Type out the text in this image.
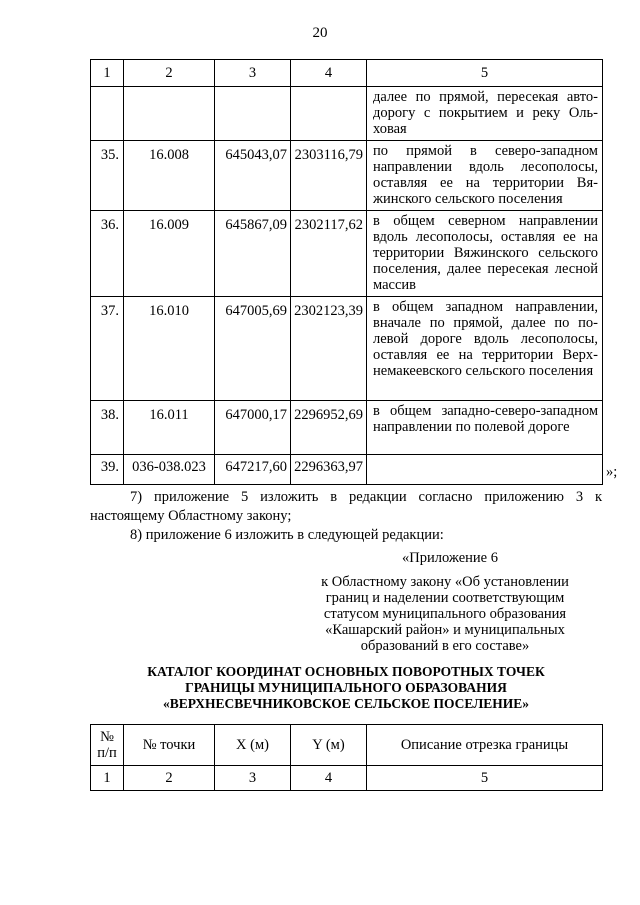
20
1	2	3	4	5
				далее по прямой, пересекая автодорогу с покрытием и реку Ольховая
35.	16.008	645043,07	2303116,79	по прямой в северо-западном направлении вдоль лесополосы, оставляя ее на территории Вяжинского сельского поселения
36.	16.009	645867,09	2302117,62	в общем северном направлении вдоль лесополосы, оставляя ее на территории Вяжинского сельского поселения, далее пересекая лесной массив
37.	16.010	647005,69	2302123,39	в общем западном направлении, вначале по прямой, далее по полевой дороге вдоль лесополосы, оставляя ее на территории Верхнемакеевского сельского поселения
38.	16.011	647000,17	2296952,69	в общем западно-северо-западном направлении по полевой дороге
39.	036-038.023	647217,60	2296363,97		»;
7) приложение 5 изложить в редакции согласно приложению 3 к настоящему Областному закону;
8) приложение 6 изложить в следующей редакции:
«Приложение 6
к Областному закону «Об установлении
границ и наделении соответствующим
статусом муниципального образования
«Кашарский район» и муниципальных
образований в его составе»
КАТАЛОГ КООРДИНАТ ОСНОВНЫХ ПОВОРОТНЫХ ТОЧЕК
ГРАНИЦЫ МУНИЦИПАЛЬНОГО ОБРАЗОВАНИЯ
«ВЕРХНЕСВЕЧНИКОВСКОЕ СЕЛЬСКОЕ ПОСЕЛЕНИЕ»
№
п/п	№ точки	X (м)	Y (м)	Описание отрезка границы
1	2	3	4	5
